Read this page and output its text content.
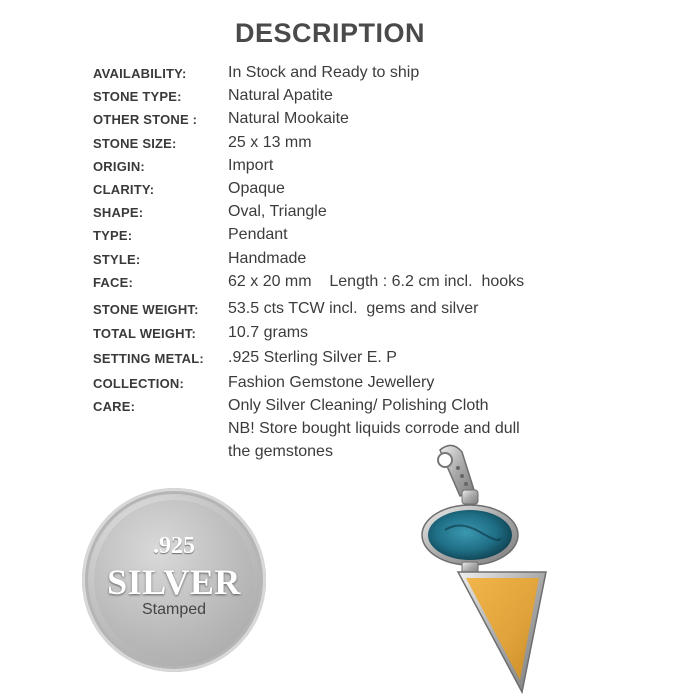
DESCRIPTION
AVAILABILITY:	In Stock and Ready to ship
STONE TYPE:	Natural Apatite
OTHER STONE : Natural Mookaite
STONE SIZE:	25 x 13 mm
ORIGIN:	Import
CLARITY:	Opaque
SHAPE:	Oval, Triangle
TYPE:	Pendant
STYLE:	Handmade
FACE:	62 x 20 mm    Length : 6.2 cm incl.  hooks
STONE WEIGHT: 53.5 cts TCW incl.  gems and silver
TOTAL WEIGHT: 10.7 grams
SETTING METAL: .925 Sterling Silver E. P
COLLECTION:	Fashion Gemstone Jewellery
CARE:	Only Silver Cleaning/ Polishing Cloth
NB! Store bought liquids corrode and dull
the gemstones
.925
SILVER
Stamped
